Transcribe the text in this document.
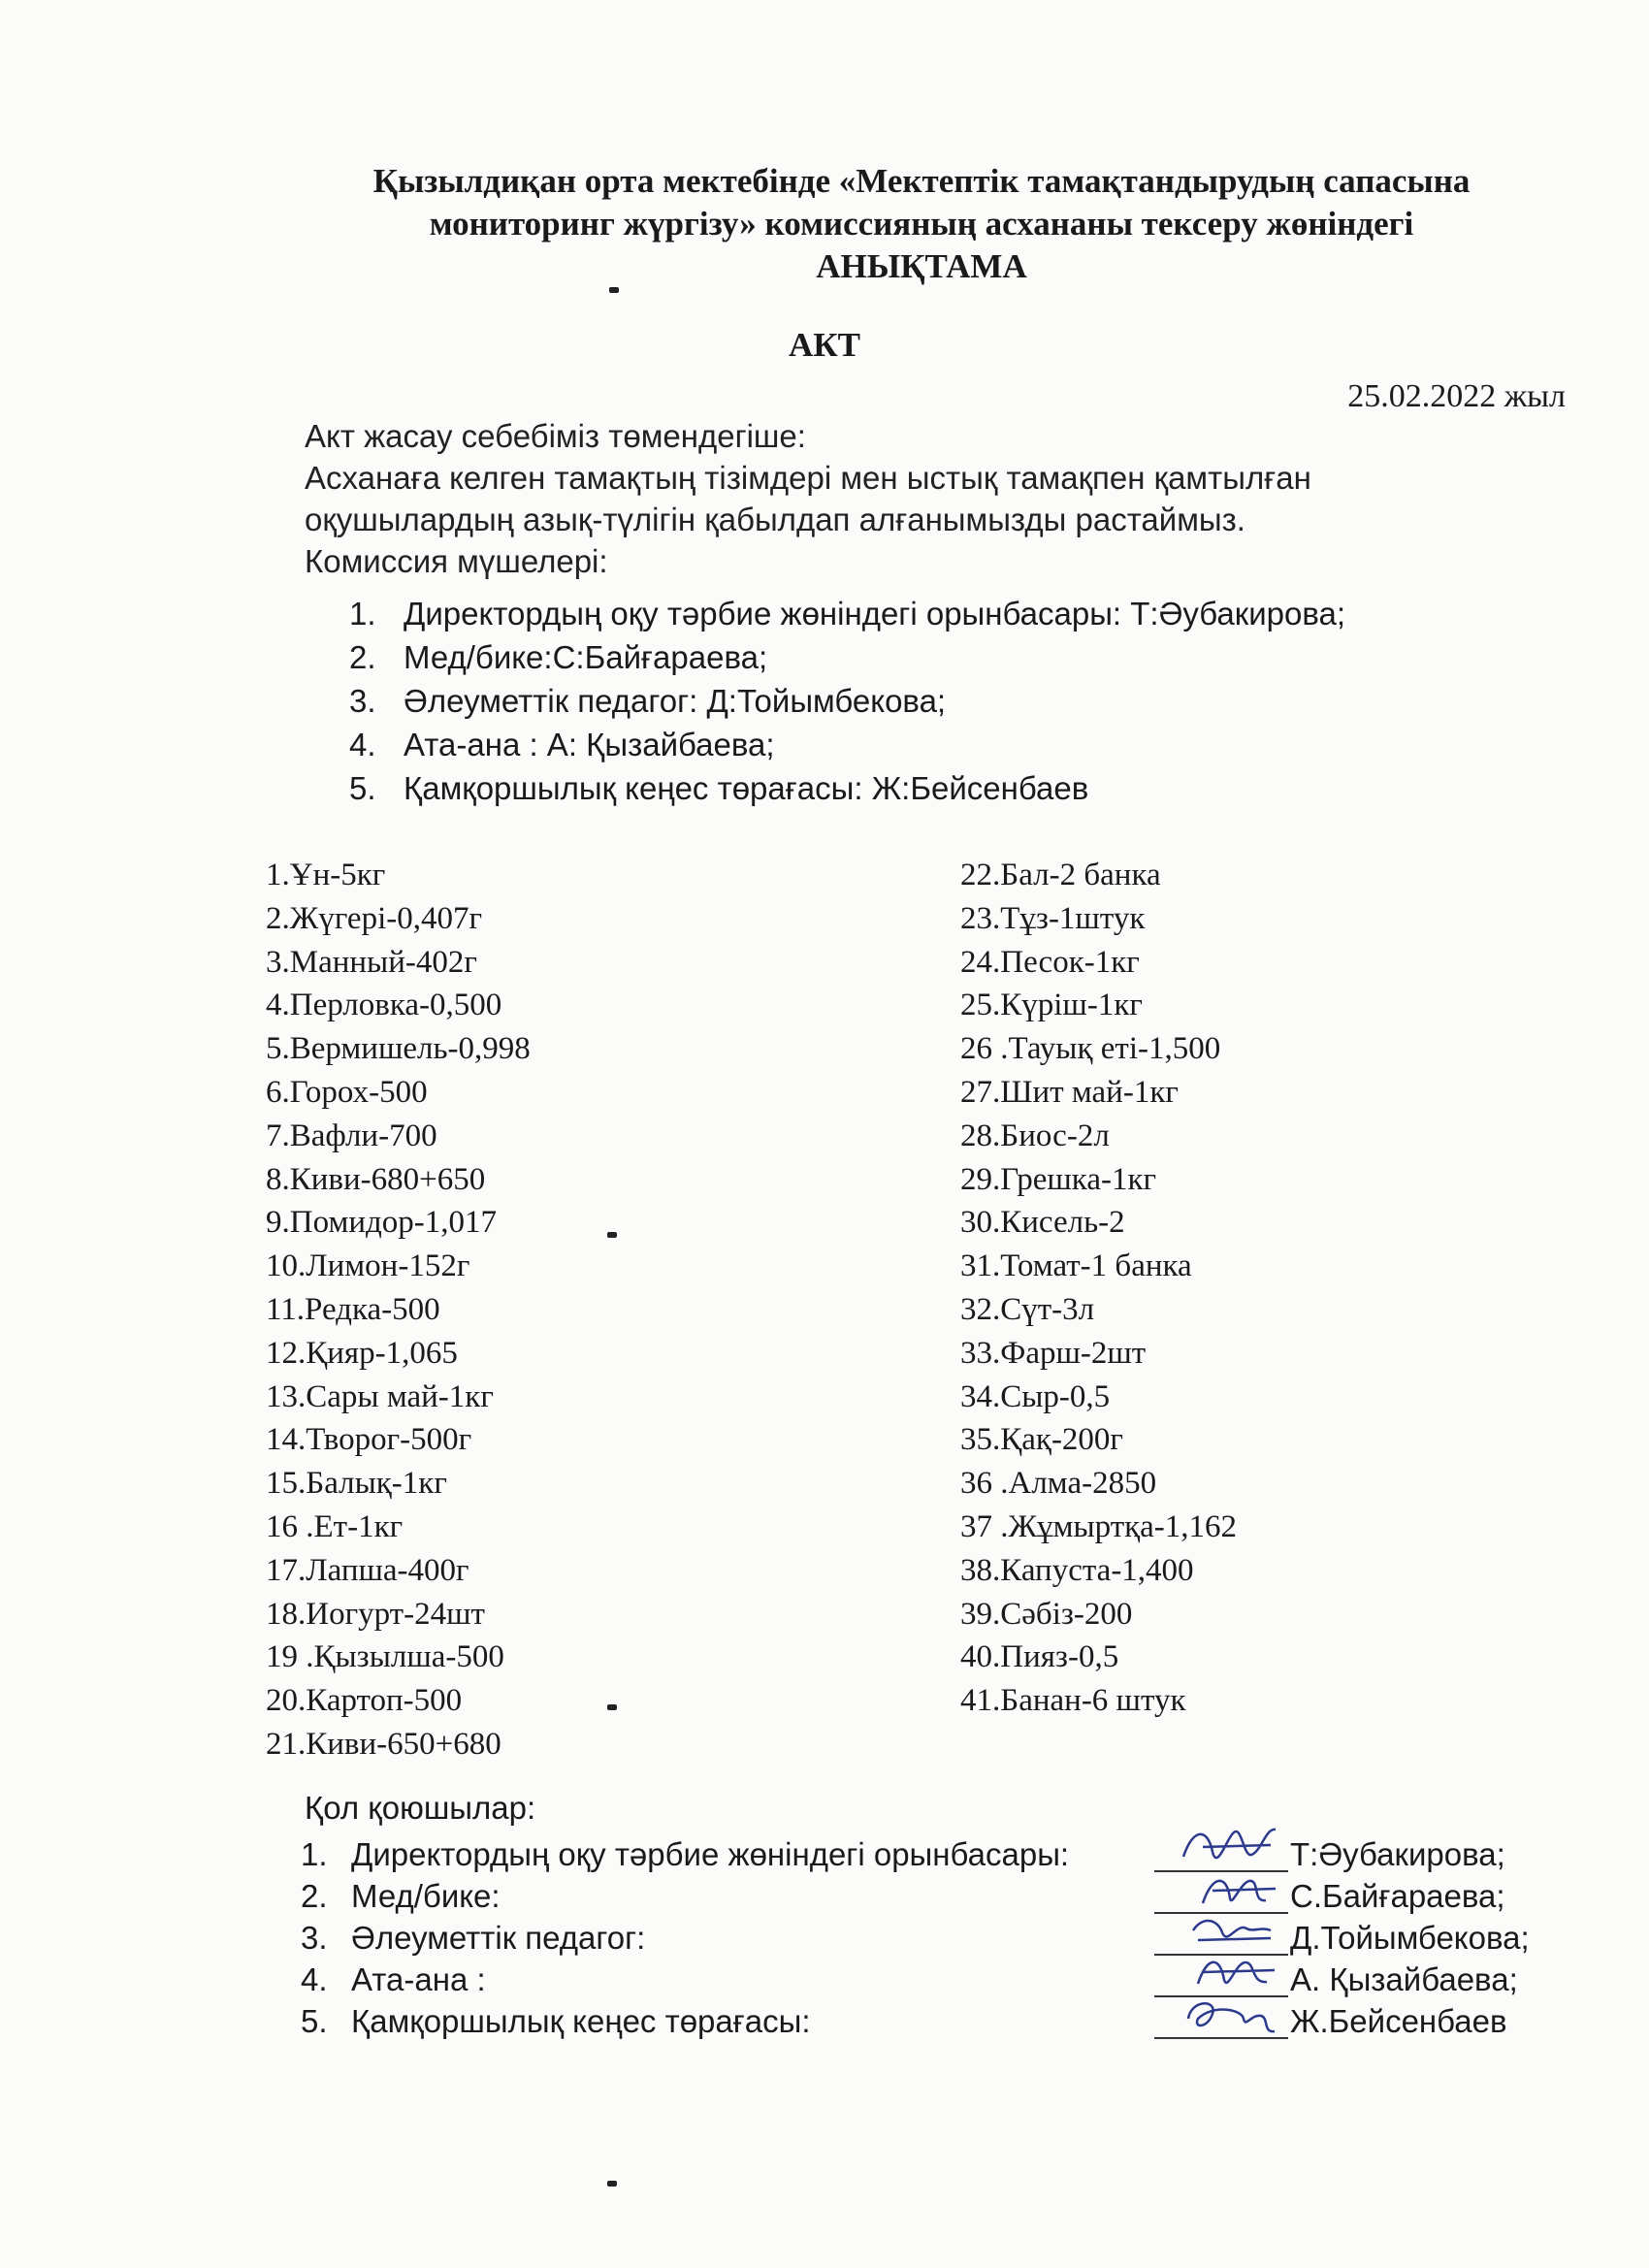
Қызылдиқан орта мектебінде «Мектептік тамақтандырудың сапасына
мониторинг жүргізу» комиссияның асхананы тексеру жөніндегі
АНЫҚТАМА
АКТ
25.02.2022 жыл

Акт жасау себебіміз төмендегіше:

Асханаға келген тамақтың тізімдері мен ыстық тамақпен қамтылған

оқушылардың азық-түлігін қабылдап алғанымызды растаймыз.

Комиссия мүшелері:

1. Директордың оқу тәрбие жөніндегі орынбасары: Т:Әубакирова;
2. Мед/бике:С:Байғараева;
3. Әлеуметтік педагог: Д:Тойымбекова;
4. Ата-ана : А: Қызайбаева;
5. Қамқоршылық кеңес төрағасы: Ж:Бейсенбаев
1.Ұн-5кг
2.Жүгері-0,407г
3.Манный-402г
4.Перловка-0,500
5.Вермишель-0,998
6.Горох-500
7.Вафли-700
8.Киви-680+650
9.Помидор-1,017
10.Лимон-152г
11.Редка-500
12.Қияр-1,065
13.Сары май-1кг
14.Творог-500г
15.Балық-1кг
16 .Ет-1кг
17.Лапша-400г
18.Иогурт-24шт
19 .Қызылша-500
20.Картоп-500
21.Киви-650+680
22.Бал-2 банка
23.Тұз-1штук
24.Песок-1кг
25.Күріш-1кг
26 .Тауық еті-1,500
27.Шит май-1кг
28.Биос-2л
29.Грешка-1кг
30.Кисель-2
31.Томат-1 банка
32.Сүт-3л
33.Фарш-2шт
34.Сыр-0,5
35.Қақ-200г
36 .Алма-2850
37 .Жұмыртқа-1,162
38.Капуста-1,400
39.Сәбіз-200
40.Пияз-0,5
41.Банан-6 штук
Қол қоюшылар:
1. Директордың оқу тәрбие жөніндегі орынбасары:	Т:Әубакирова;
2. Мед/бике:	С.Байғараева;
3. Әлеуметтік педагог:	Д.Тойымбекова;
4. Ата-ана :	А. Қызайбаева;
5. Қамқоршылық кеңес төрағасы:	Ж.Бейсенбаев
